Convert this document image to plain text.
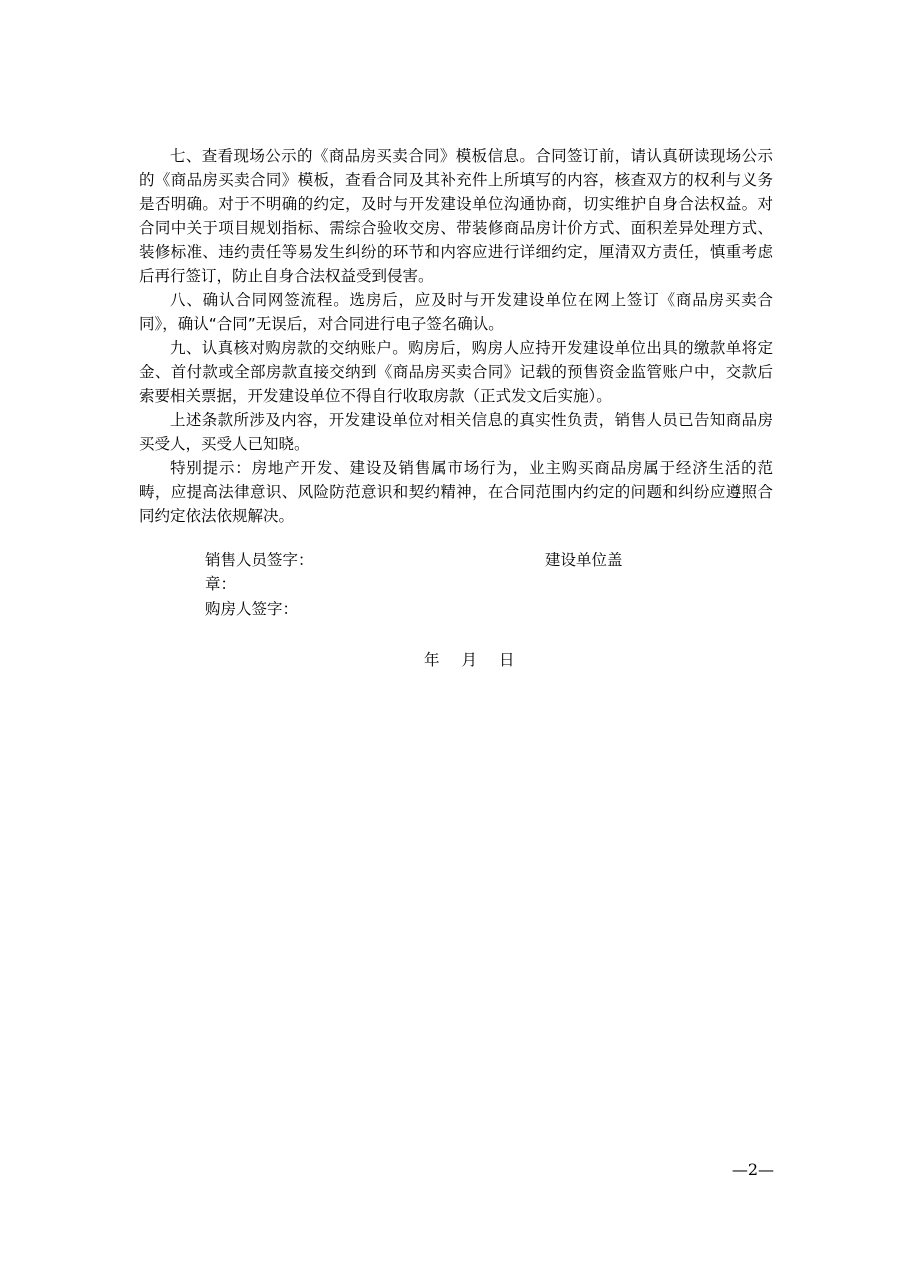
七、查看现场公示的《商品房买卖合同》模板信息。合同签订前，请认真研读现场公示的《商品房买卖合同》模板，查看合同及其补充件上所填写的内容，核查双方的权利与义务是否明确。对于不明确的约定，及时与开发建设单位沟通协商，切实维护自身合法权益。对合同中关于项目规划指标、需综合验收交房、带装修商品房计价方式、面积差异处理方式、装修标准、违约责任等易发生纠纷的环节和内容应进行详细约定，厘清双方责任，慎重考虑后再行签订，防止自身合法权益受到侵害。

八、确认合同网签流程。选房后，应及时与开发建设单位在网上签订《商品房买卖合同》，确认“合同”无误后，对合同进行电子签名确认。

九、认真核对购房款的交纳账户。购房后，购房人应持开发建设单位出具的缴款单将定金、首付款或全部房款直接交纳到《商品房买卖合同》记载的预售资金监管账户中，交款后索要相关票据，开发建设单位不得自行收取房款（正式发文后实施）。

上述条款所涉及内容，开发建设单位对相关信息的真实性负责，销售人员已告知商品房买受人，买受人已知晓。

特别提示：房地产开发、建设及销售属市场行为，业主购买商品房属于经济生活的范畴，应提高法律意识、风险防范意识和契约精神，在合同范围内约定的问题和纠纷应遵照合同约定依法依规解决。

销售人员签字：	建设单位盖
章：
购房人签字：
年 月 日
—2—
